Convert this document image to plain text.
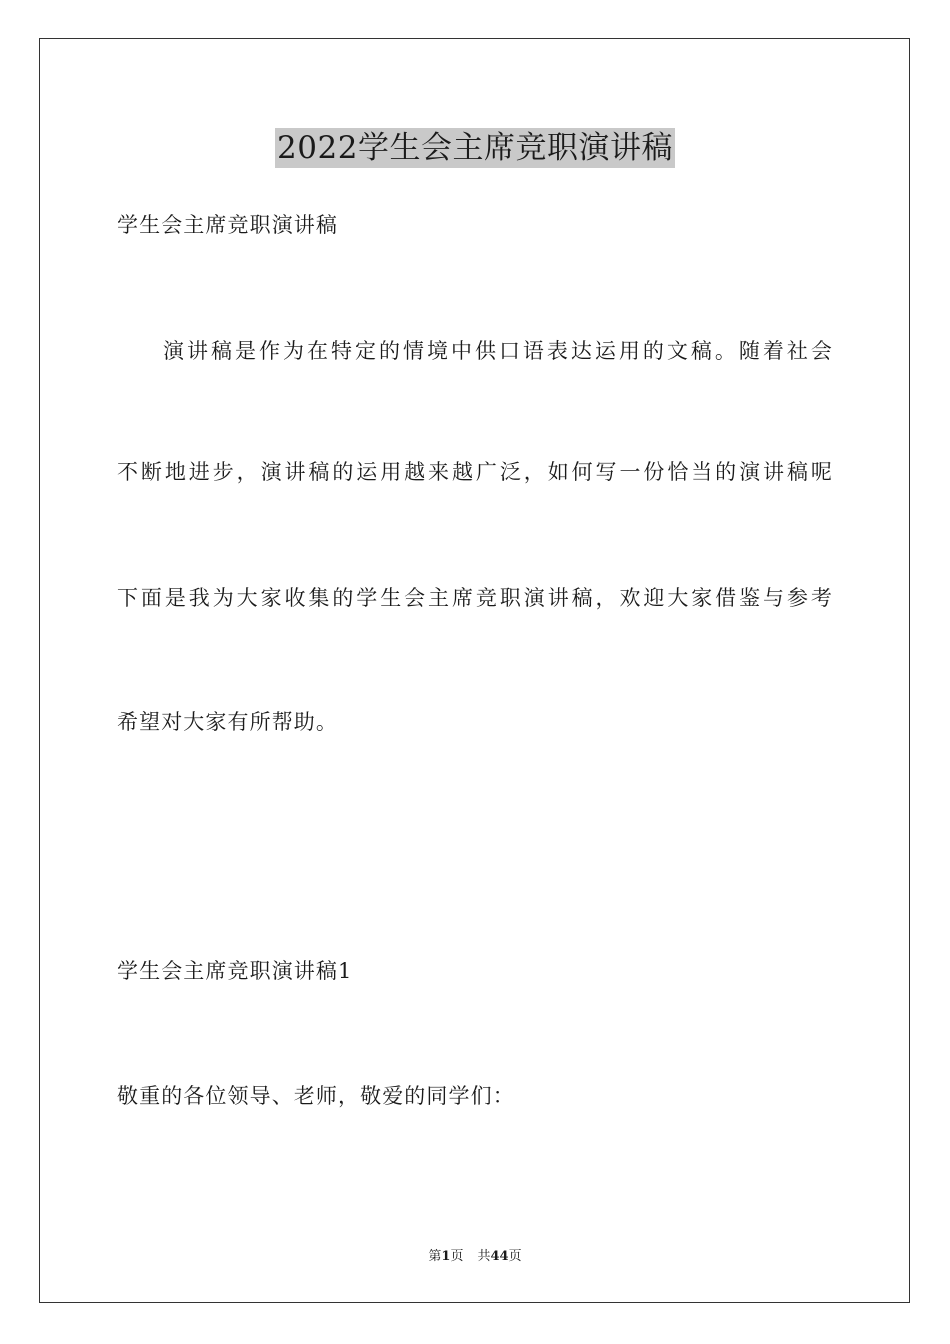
2022学生会主席竞职演讲稿
学生会主席竞职演讲稿
演讲稿是作为在特定的情境中供口语表达运用的文稿。随着社会
不断地进步，演讲稿的运用越来越广泛，如何写一份恰当的演讲稿呢
下面是我为大家收集的学生会主席竞职演讲稿，欢迎大家借鉴与参考
希望对大家有所帮助。
学生会主席竞职演讲稿1
敬重的各位领导、老师，敬爱的同学们：
第1页 共44页
